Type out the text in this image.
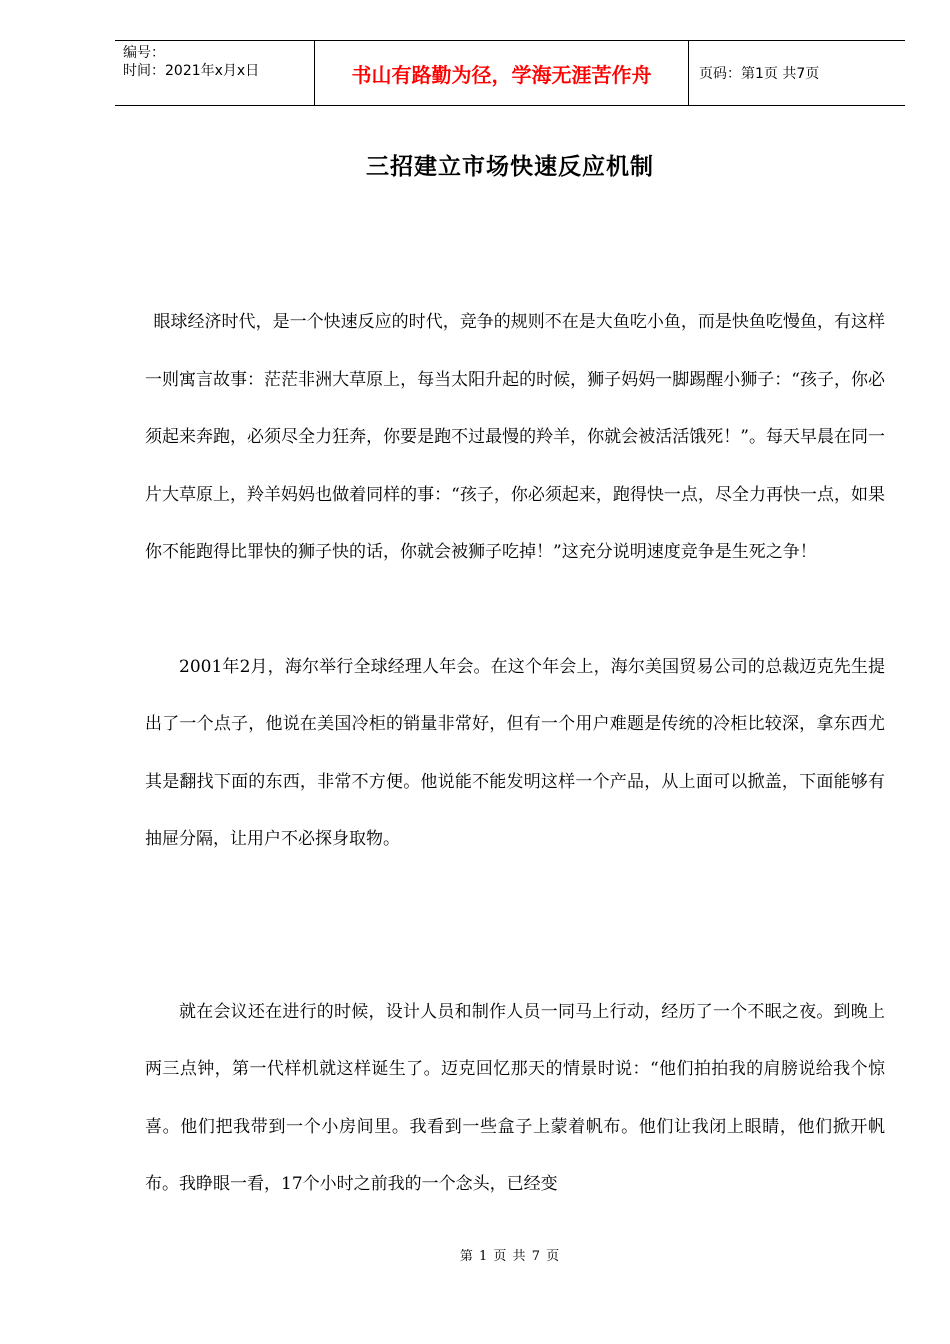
编号：
时间：2021年x月x日	书山有路勤为径，学海无涯苦作舟	页码：第1页 共7页
三招建立市场快速反应机制

眼球经济时代，是一个快速反应的时代，竞争的规则不在是大鱼吃小鱼，而是快鱼吃慢鱼，有这样一则寓言故事：茫茫非洲大草原上，每当太阳升起的时候，狮子妈妈一脚踢醒小狮子：“孩子，你必须起来奔跑，必须尽全力狂奔，你要是跑不过最慢的羚羊，你就会被活活饿死！”。每天早晨在同一片大草原上，羚羊妈妈也做着同样的事：“孩子，你必须起来，跑得快一点，尽全力再快一点，如果你不能跑得比罪快的狮子快的话，你就会被狮子吃掉！”这充分说明速度竞争是生死之争！

2001年2月，海尔举行全球经理人年会。在这个年会上，海尔美国贸易公司的总裁迈克先生提出了一个点子，他说在美国冷柜的销量非常好，但有一个用户难题是传统的冷柜比较深，拿东西尤其是翻找下面的东西，非常不方便。他说能不能发明这样一个产品，从上面可以掀盖，下面能够有抽屉分隔，让用户不必探身取物。

就在会议还在进行的时候，设计人员和制作人员一同马上行动，经历了一个不眠之夜。到晚上两三点钟，第一代样机就这样诞生了。迈克回忆那天的情景时说：“他们拍拍我的肩膀说给我个惊喜。他们把我带到一个小房间里。我看到一些盒子上蒙着帆布。他们让我闭上眼睛，他们掀开帆布。我睁眼一看，17个小时之前我的一个念头，已经变

第 1 页 共 7 页
